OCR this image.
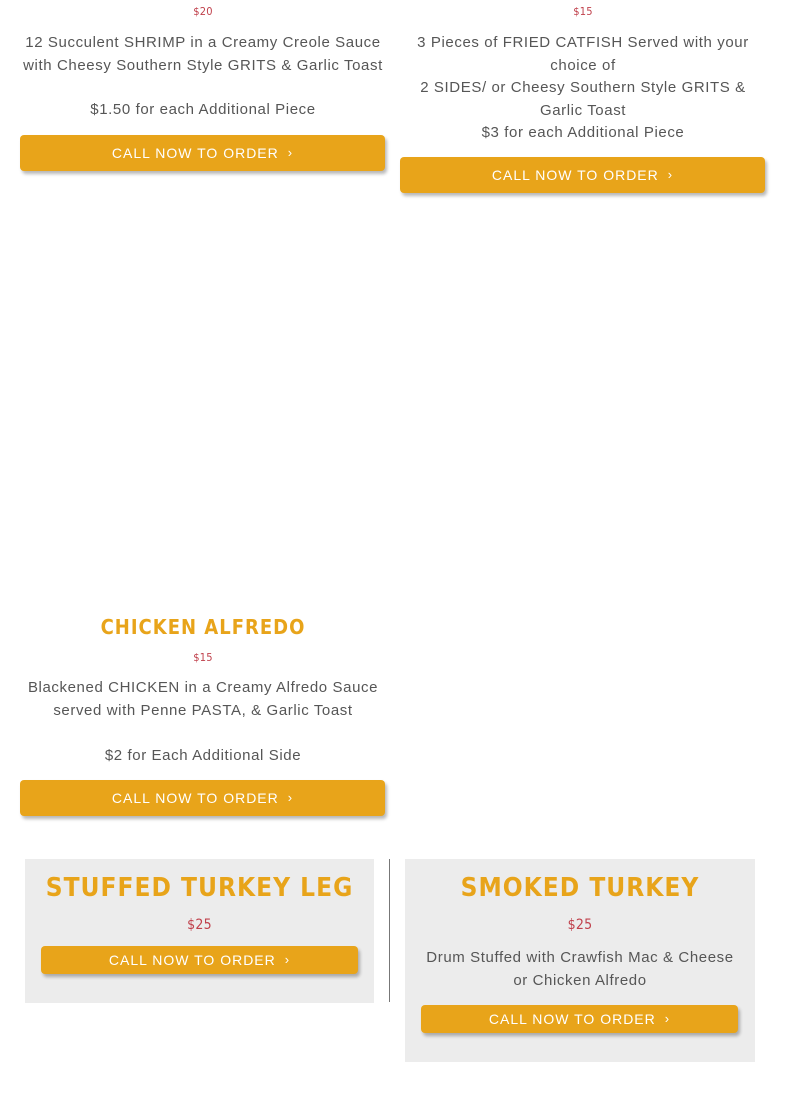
$20
12 Succulent SHRIMP in a Creamy Creole Sauce
with Cheesy Southern Style GRITS & Garlic Toast
$1.50 for each Additional Piece
CALL NOW TO ORDER ›
$15
3 Pieces of FRIED CATFISH Served with your
choice of
2 SIDES/ or Cheesy Southern Style GRITS &
Garlic Toast
$3 for each Additional Piece
CALL NOW TO ORDER ›
CHICKEN ALFREDO
$15
Blackened CHICKEN in a Creamy Alfredo Sauce
served with Penne PASTA, & Garlic Toast
$2 for Each Additional Side
CALL NOW TO ORDER ›
STUFFED TURKEY LEG
$25
CALL NOW TO ORDER ›
SMOKED TURKEY
$25
Drum Stuffed with Crawfish Mac & Cheese
or Chicken Alfredo
CALL NOW TO ORDER ›
